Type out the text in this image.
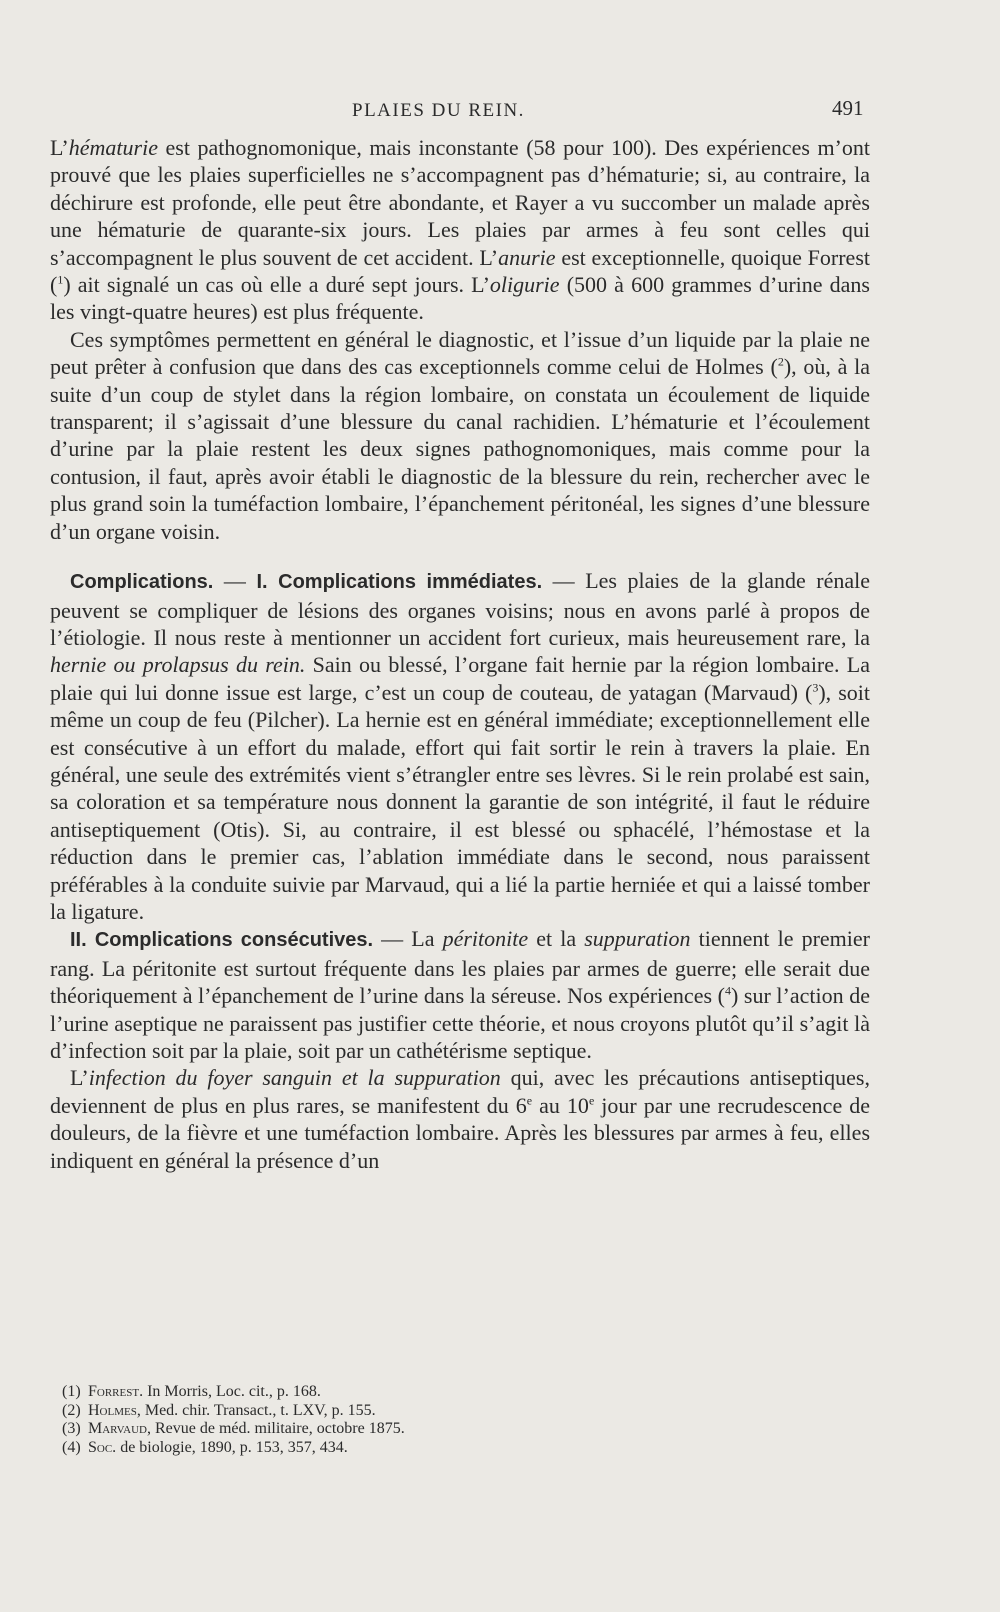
PLAIES DU REIN.	491

L’hématurie est pathognomonique, mais inconstante (58 pour 100). Des expériences m’ont prouvé que les plaies superficielles ne s’accompagnent pas d’hématurie; si, au contraire, la déchirure est profonde, elle peut être abondante, et Rayer a vu succomber un malade après une hématurie de quarante-six jours. Les plaies par armes à feu sont celles qui s’accompagnent le plus souvent de cet accident. L’anurie est exceptionnelle, quoique Forrest ($^1$) ait signalé un cas où elle a duré sept jours. L’oligurie (500 à 600 grammes d’urine dans les vingt-quatre heures) est plus fréquente.

Ces symptômes permettent en général le diagnostic, et l’issue d’un liquide par la plaie ne peut prêter à confusion que dans des cas exceptionnels comme celui de Holmes ($^2$), où, à la suite d’un coup de stylet dans la région lombaire, on constata un écoulement de liquide transparent; il s’agissait d’une blessure du canal rachidien. L’hématurie et l’écoulement d’urine par la plaie restent les deux signes pathognomoniques, mais comme pour la contusion, il faut, après avoir établi le diagnostic de la blessure du rein, rechercher avec le plus grand soin la tuméfaction lombaire, l’épanchement péritonéal, les signes d’une blessure d’un organe voisin.

Complications. — I. Complications immédiates. — Les plaies de la glande rénale peuvent se compliquer de lésions des organes voisins; nous en avons parlé à propos de l’étiologie. Il nous reste à mentionner un accident fort curieux, mais heureusement rare, la hernie ou prolapsus du rein. Sain ou blessé, l’organe fait hernie par la région lombaire. La plaie qui lui donne issue est large, c’est un coup de couteau, de yatagan (Marvaud) ($^3$), soit même un coup de feu (Pilcher). La hernie est en général immédiate; exceptionnellement elle est consécutive à un effort du malade, effort qui fait sortir le rein à travers la plaie. En général, une seule des extrémités vient s’étrangler entre ses lèvres. Si le rein prolabé est sain, sa coloration et sa température nous donnent la garantie de son intégrité, il faut le réduire antiseptiquement (Otis). Si, au contraire, il est blessé ou sphacélé, l’hémostase et la réduction dans le premier cas, l’ablation immédiate dans le second, nous paraissent préférables à la conduite suivie par Marvaud, qui a lié la partie herniée et qui a laissé tomber la ligature.

II. Complications consécutives. — La péritonite et la suppuration tiennent le premier rang. La péritonite est surtout fréquente dans les plaies par armes de guerre; elle serait due théoriquement à l’épanchement de l’urine dans la séreuse. Nos expériences ($^4$) sur l’action de l’urine aseptique ne paraissent pas justifier cette théorie, et nous croyons plutôt qu’il s’agit là d’infection soit par la plaie, soit par un cathétérisme septique.

L’infection du foyer sanguin et la suppuration qui, avec les précautions antiseptiques, deviennent de plus en plus rares, se manifestent du 6e au 10e jour par une recrudescence de douleurs, de la fièvre et une tuméfaction lombaire. Après les blessures par armes à feu, elles indiquent en général la présence d’un

(1) Forrest. In Morris, Loc. cit., p. 168.

(2) Holmes, Med. chir. Transact., t. LXV, p. 155.

(3) Marvaud, Revue de méd. militaire, octobre 1875.

(4) Soc. de biologie, 1890, p. 153, 357, 434.
